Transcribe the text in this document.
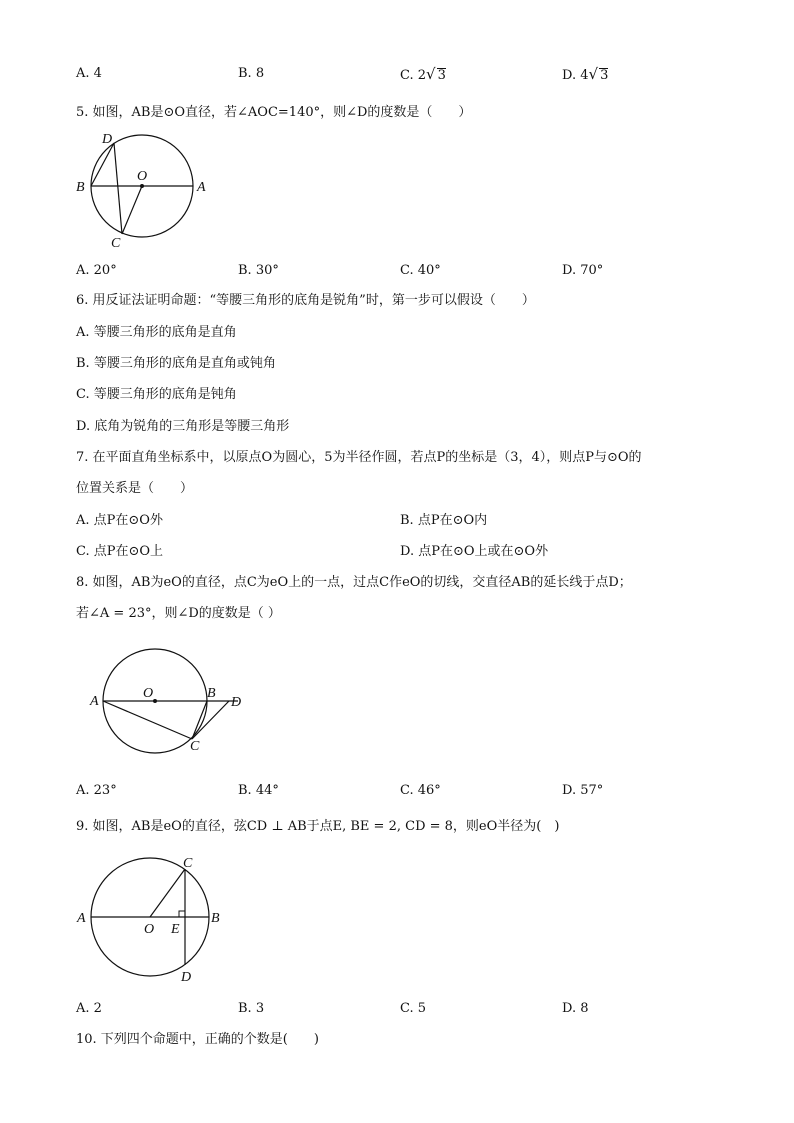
A. 4	B. 8	C. 2√ 3	D. 4√ 3
5. 如图，AB是⊙O直径，若∠AOC=140°，则∠D的度数是（　　）
D
O
B	A
C
A. 20°	B. 30°	C. 40°	D. 70°
6. 用反证法证明命题：“等腰三角形的底角是锐角”时，第一步可以假设（　　）
A. 等腰三角形的底角是直角
B. 等腰三角形的底角是直角或钝角
C. 等腰三角形的底角是钝角
D. 底角为锐角的三角形是等腰三角形
7. 在平面直角坐标系中，以原点O为圆心，5为半径作圆，若点P的坐标是（3，4），则点P与⊙O的
位置关系是（　　）
A. 点P在⊙O外	B. 点P在⊙O内
C. 点P在⊙O上	D. 点P在⊙O上或在⊙O外
8. 如图，AB为eO的直径，点C为eO上的一点，过点C作eO的切线，交直径AB的延长线于点D；
若∠A = 23°，则∠D的度数是（ ）
A
O	B
D
C
A. 23°	B. 44°	C. 46°	D. 57°
9. 如图，AB是eO的直径，弦CD ⊥ AB于点E, BE = 2, CD = 8，则eO半径为(　)
C
A	B
O E
D
A. 2	B. 3	C. 5	D. 8
10. 下列四个命题中，正确的个数是(　　)
